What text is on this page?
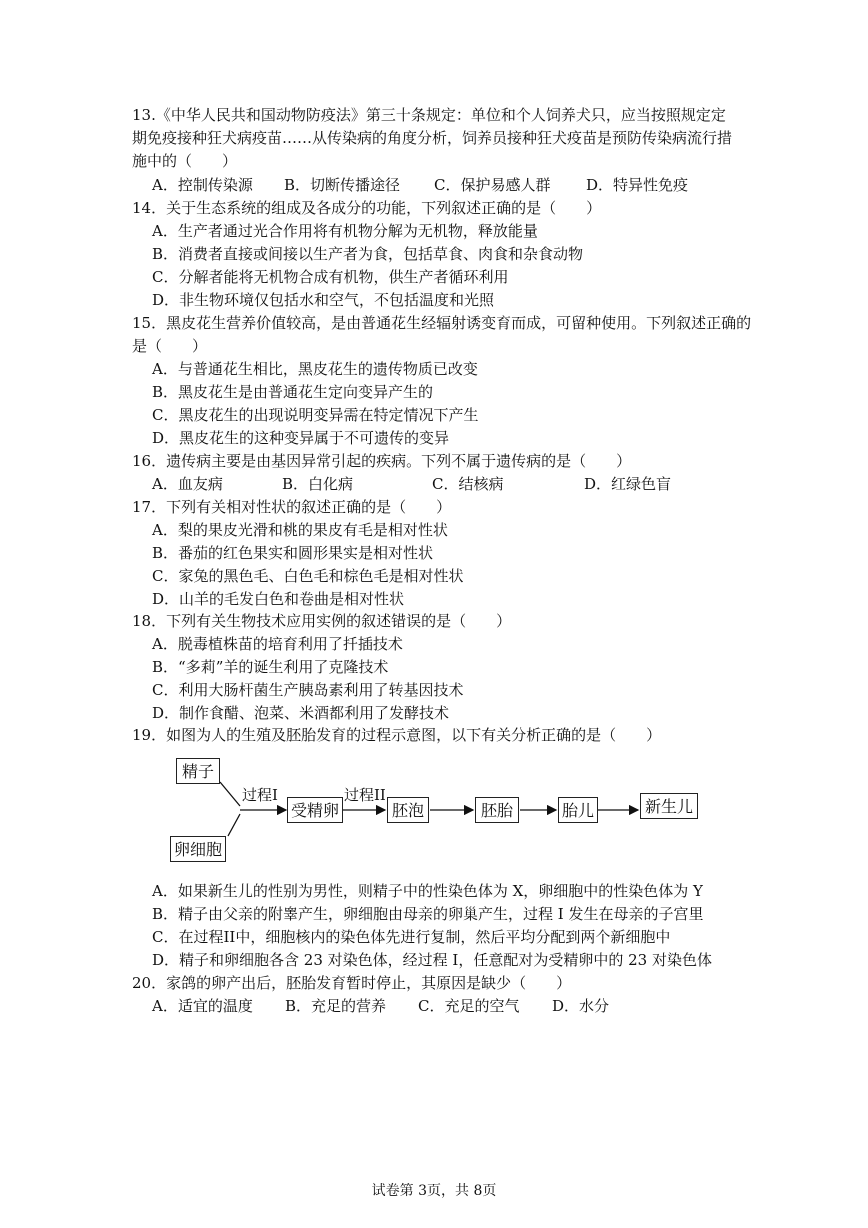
13.《中华人民共和国动物防疫法》第三十条规定：单位和个人饲养犬只，应当按照规定定
期免疫接种狂犬病疫苗……从传染病的角度分析，饲养员接种狂犬疫苗是预防传染病流行措
施中的（　　）
A．控制传染源 B．切断传播途径 C．保护易感人群 D．特异性免疫
14．关于生态系统的组成及各成分的功能，下列叙述正确的是（　　）
A．生产者通过光合作用将有机物分解为无机物，释放能量
B．消费者直接或间接以生产者为食，包括草食、肉食和杂食动物
C．分解者能将无机物合成有机物，供生产者循环利用
D．非生物环境仅包括水和空气，不包括温度和光照
15．黑皮花生营养价值较高，是由普通花生经辐射诱变育而成，可留种使用。下列叙述正确的
是（　　）
A．与普通花生相比，黑皮花生的遗传物质已改变
B．黑皮花生是由普通花生定向变异产生的
C．黑皮花生的出现说明变异需在特定情况下产生
D．黑皮花生的这种变异属于不可遗传的变异
16．遗传病主要是由基因异常引起的疾病。下列不属于遗传病的是（　　）
A．血友病	B．白化病	C．结核病	D．红绿色盲
17．下列有关相对性状的叙述正确的是（　　）
A．梨的果皮光滑和桃的果皮有毛是相对性状
B．番茄的红色果实和圆形果实是相对性状
C．家兔的黑色毛、白色毛和棕色毛是相对性状
D．山羊的毛发白色和卷曲是相对性状
18．下列有关生物技术应用实例的叙述错误的是（　　）
A．脱毒植株苗的培育利用了扦插技术
B．“多莉”羊的诞生利用了克隆技术
C．利用大肠杆菌生产胰岛素利用了转基因技术
D．制作食醋、泡菜、米酒都利用了发酵技术
19．如图为人的生殖及胚胎发育的过程示意图，以下有关分析正确的是（　　）
精子
卵细胞
过程I	过程II
受精卵	胚泡	胚胎	胎儿	新生儿
A．如果新生儿的性别为男性，则精子中的性染色体为 X，卵细胞中的性染色体为 Y
B．精子由父亲的附睾产生，卵细胞由母亲的卵巢产生，过程 I 发生在母亲的子宫里
C．在过程II中，细胞核内的染色体先进行复制，然后平均分配到两个新细胞中
D．精子和卵细胞各含 23 对染色体，经过程 I，任意配对为受精卵中的 23 对染色体
20．家鸽的卵产出后，胚胎发育暂时停止，其原因是缺少（　　）
A．适宜的温度 B．充足的营养 C．充足的空气 D．水分
试卷第 3页，共 8页
